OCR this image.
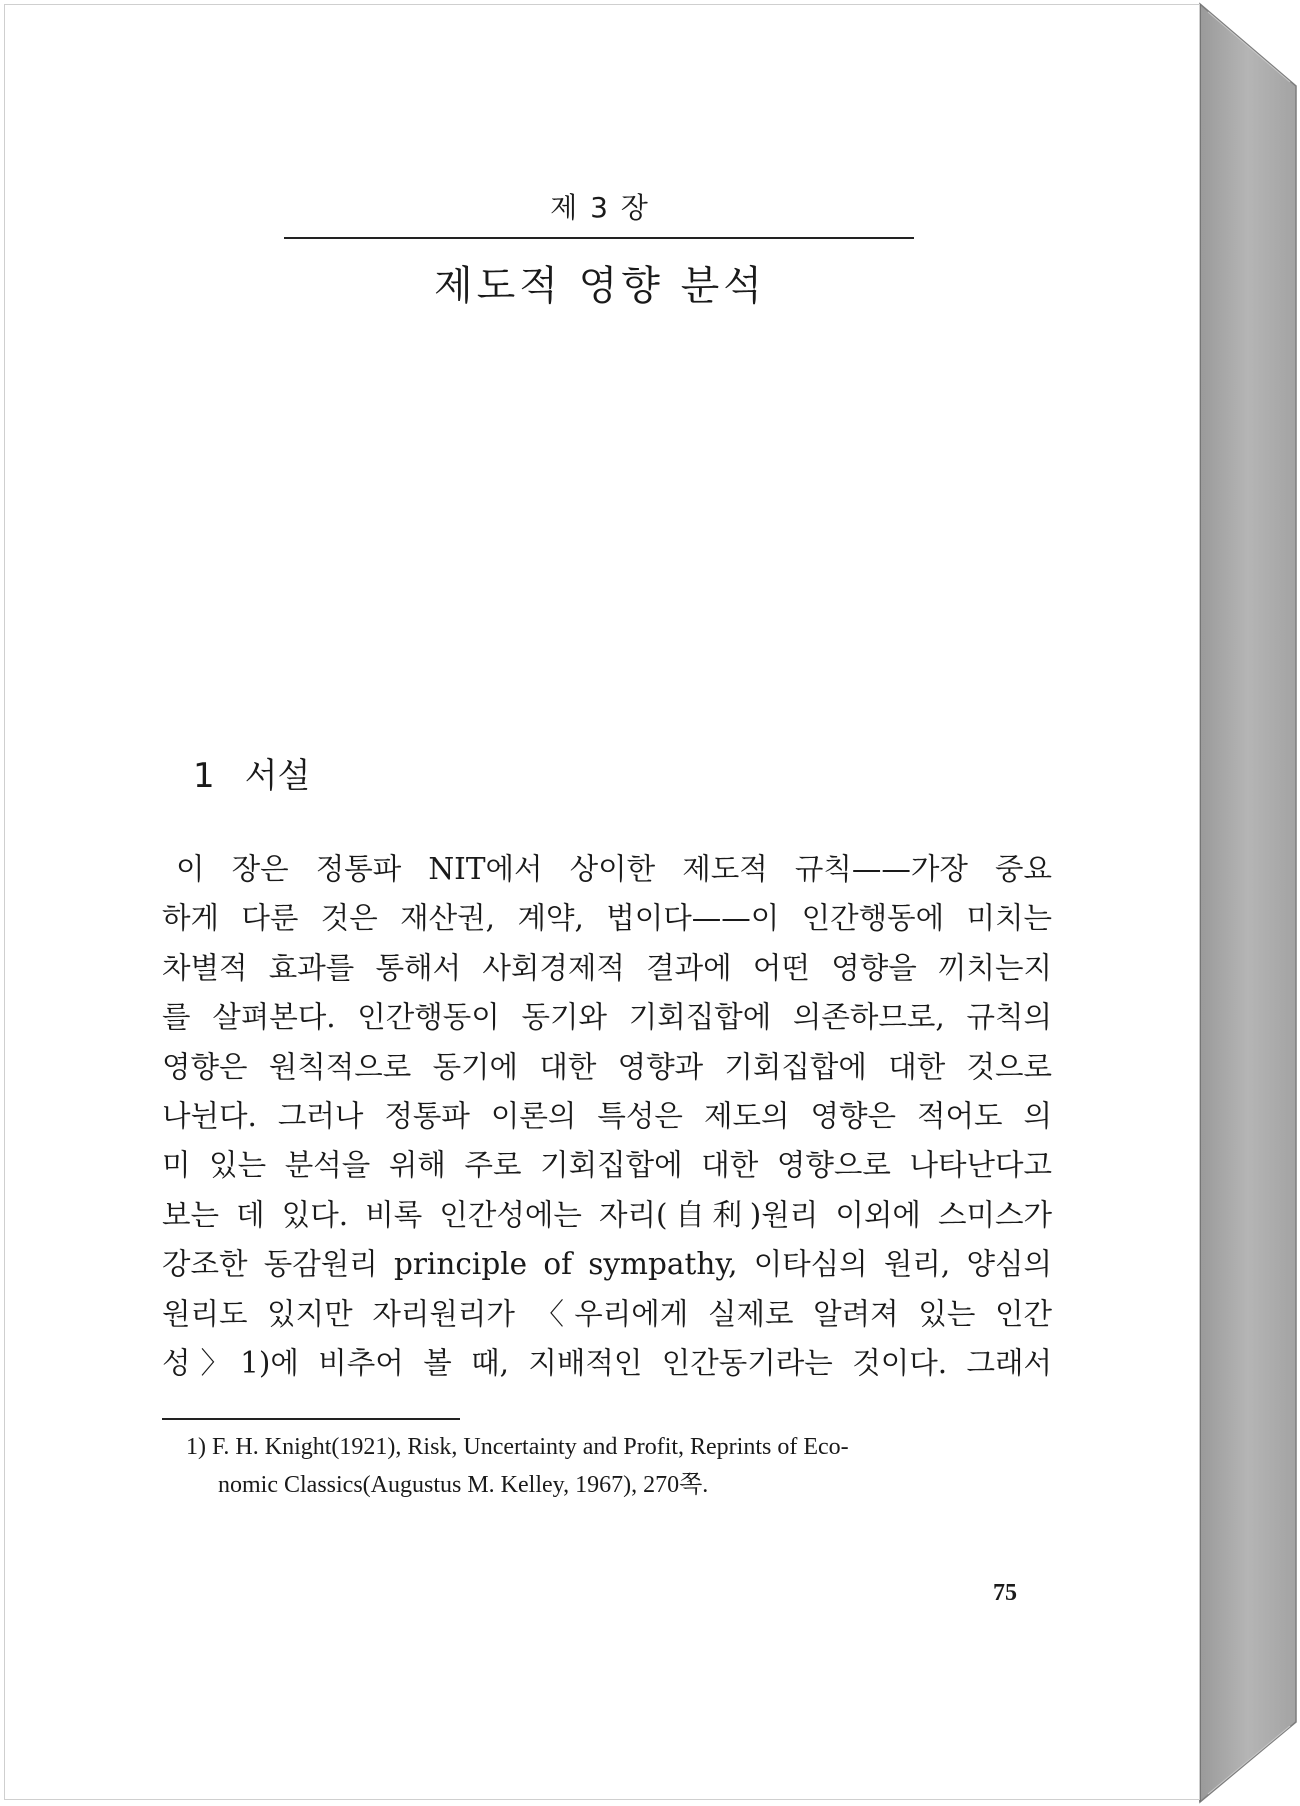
제 3 장
제도적 영향 분석
1 서설
이 장은 정통파 NIT에서 상이한 제도적 규칙——가장 중요
하게 다룬 것은 재산권, 계약, 법이다——이 인간행동에 미치는
차별적 효과를 통해서 사회경제적 결과에 어떤 영향을 끼치는지
를 살펴본다. 인간행동이 동기와 기회집합에 의존하므로, 규칙의
영향은 원칙적으로 동기에 대한 영향과 기회집합에 대한 것으로
나뉜다. 그러나 정통파 이론의 특성은 제도의 영향은 적어도 의
미 있는 분석을 위해 주로 기회집합에 대한 영향으로 나타난다고
보는 데 있다. 비록 인간성에는 자리(自利)원리 이외에 스미스가
강조한 동감원리 principle of sympathy, 이타심의 원리, 양심의
원리도 있지만 자리원리가 〈우리에게 실제로 알려져 있는 인간
성〉1)에 비추어 볼 때, 지배적인 인간동기라는 것이다. 그래서
1) F. H. Knight(1921), Risk, Uncertainty and Profit, Reprints of Eco-
nomic Classics(Augustus M. Kelley, 1967), 270쪽.
75
